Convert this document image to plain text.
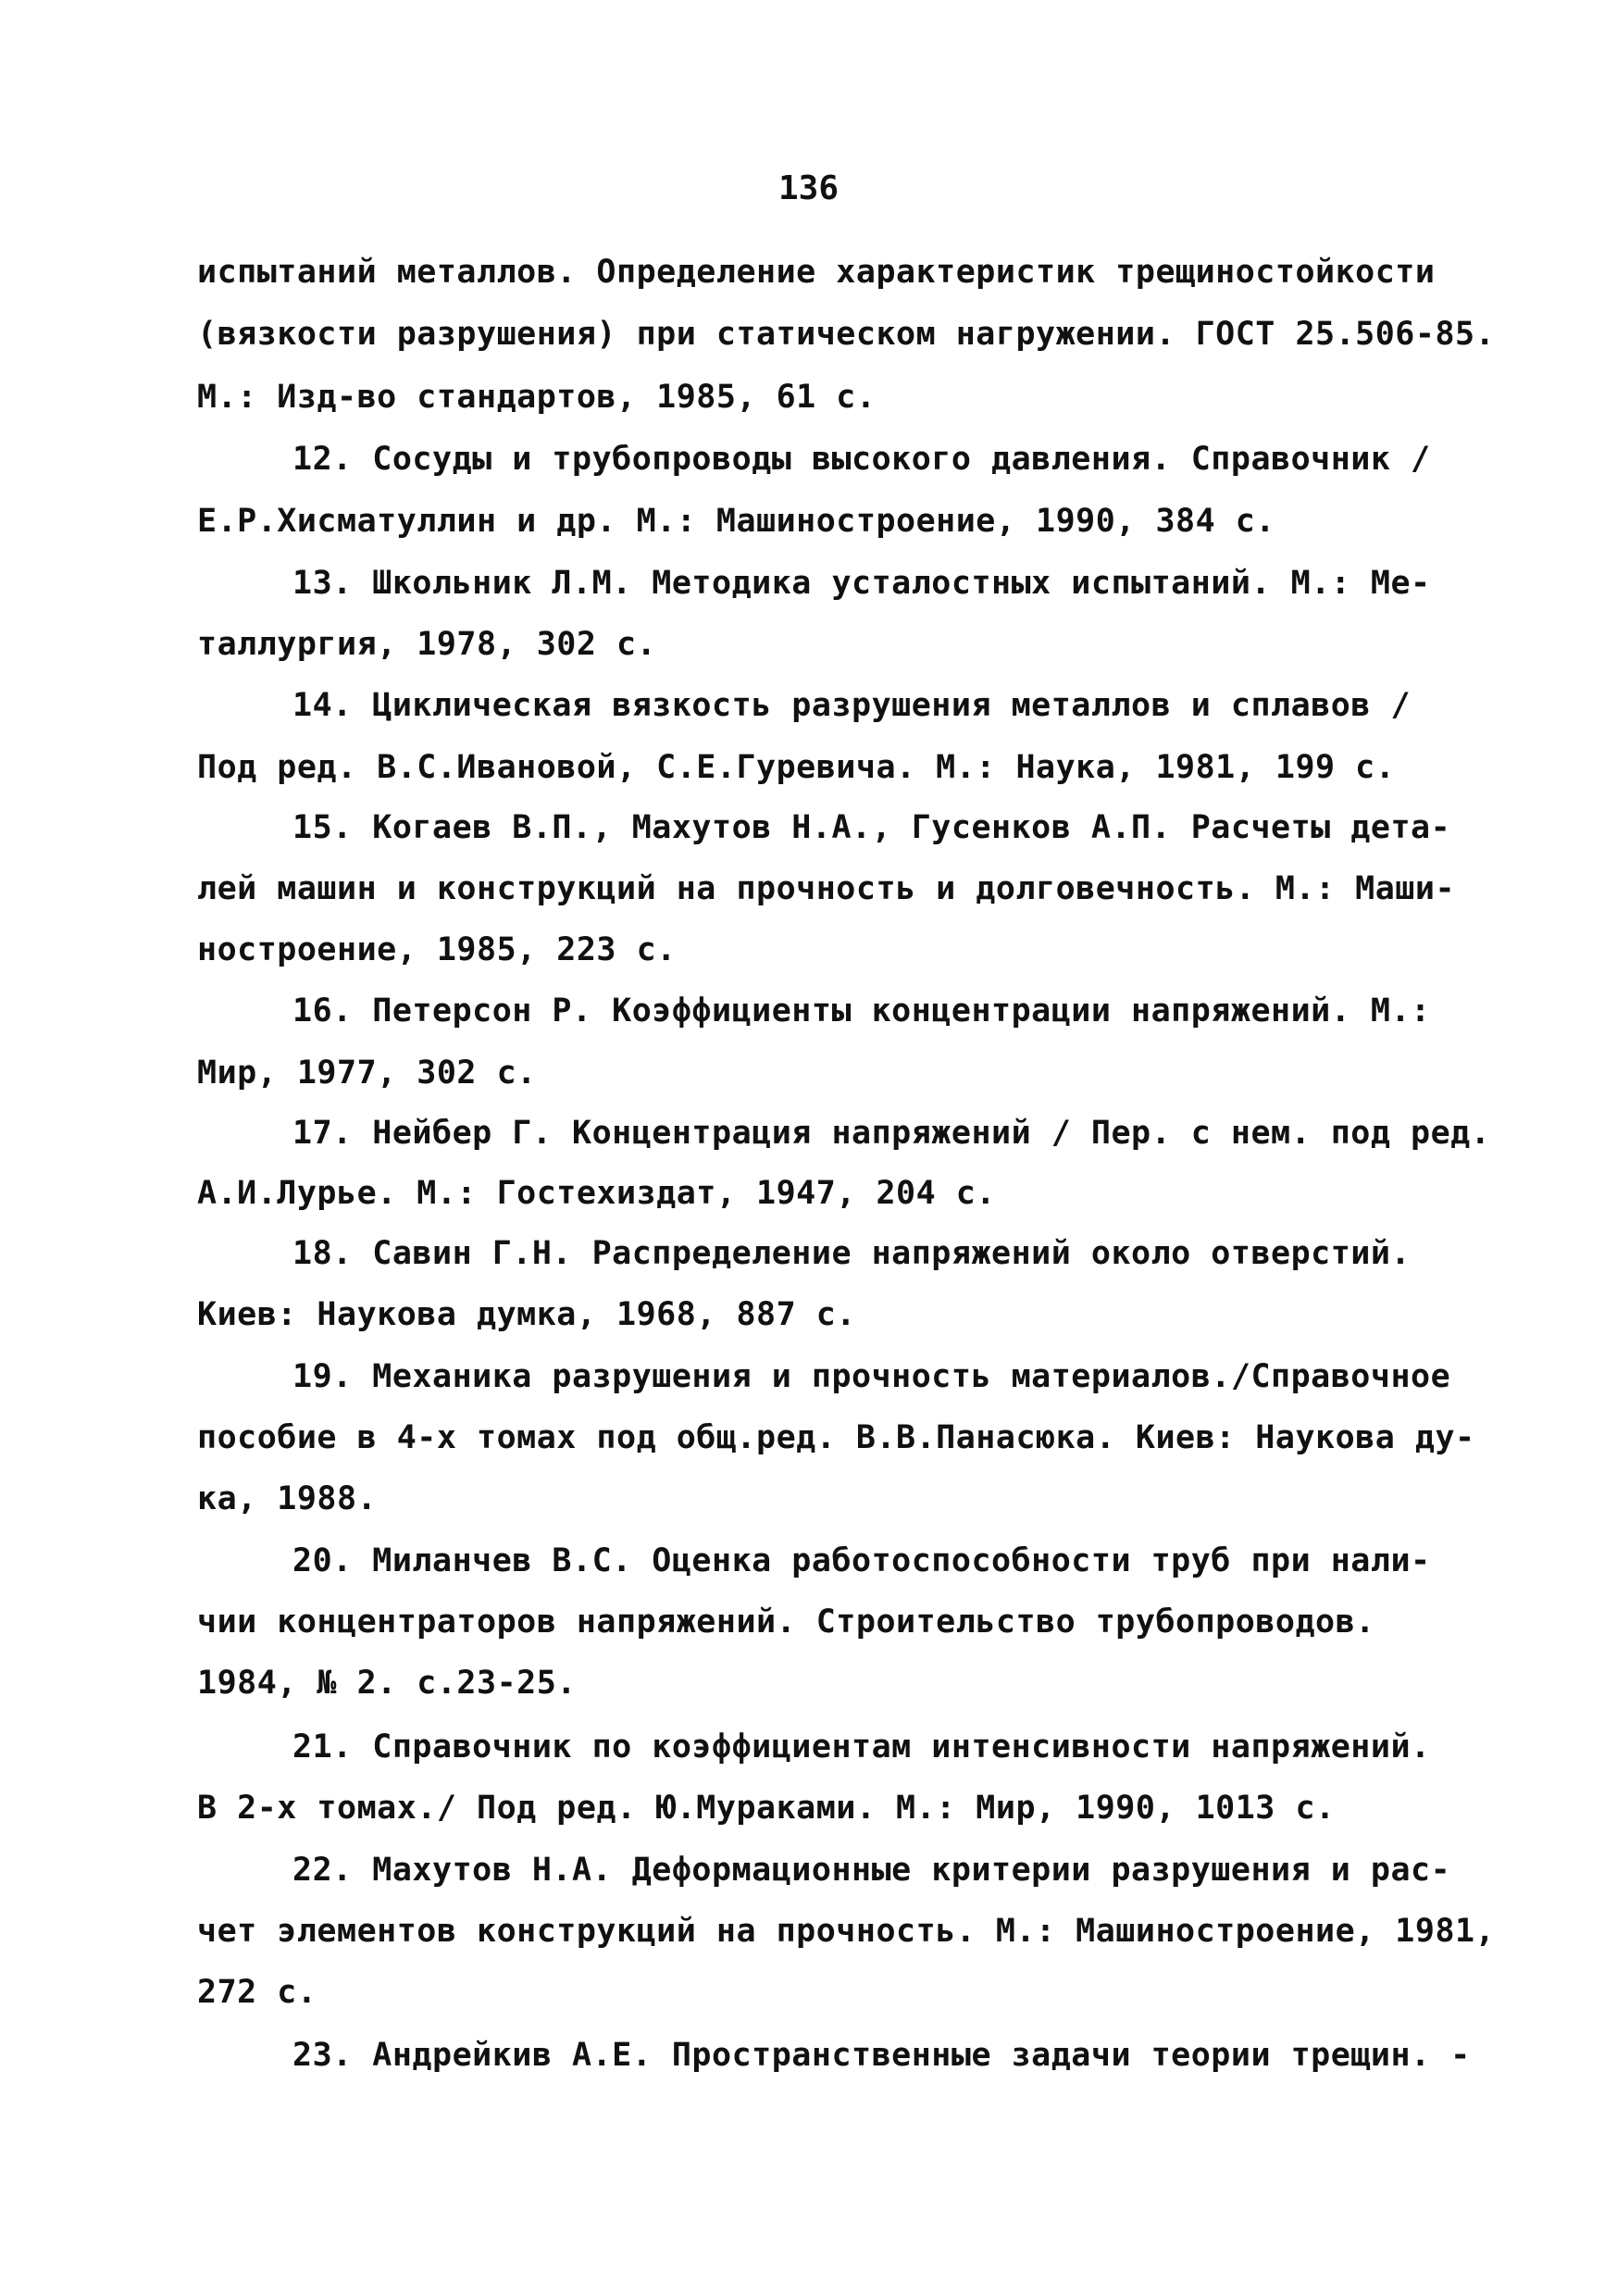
136
испытаний металлов. Определение характеристик трещиностойкости
(вязкости разрушения) при статическом нагружении. ГОСТ 25.506-85.
М.: Изд-во стандартов, 1985, 61 с.
12. Сосуды и трубопроводы высокого давления. Справочник /
Е.Р.Хисматуллин и др. М.: Машиностроение, 1990, 384 с.
13. Школьник Л.М. Методика усталостных испытаний. М.: Ме-
таллургия, 1978, 302 с.
14. Циклическая вязкость разрушения металлов и сплавов /
Под ред. В.С.Ивановой, С.Е.Гуревича. М.: Наука, 1981, 199 с.
15. Когаев В.П., Махутов Н.А., Гусенков А.П. Расчеты дета-
лей машин и конструкций на прочность и долговечность. М.: Маши-
ностроение, 1985, 223 с.
16. Петерсон Р. Коэффициенты концентрации напряжений. М.:
Мир, 1977, 302 с.
17. Нейбер Г. Концентрация напряжений / Пер. с нем. под ред.
А.И.Лурье. М.: Гостехиздат, 1947, 204 с.
18. Савин Г.Н. Распределение напряжений около отверстий.
Киев: Наукова думка, 1968, 887 с.
19. Механика разрушения и прочность материалов./Справочное
пособие в 4-х томах под общ.ред. В.В.Панасюка. Киев: Наукова ду-
ка, 1988.
20. Миланчев В.С. Оценка работоспособности труб при нали-
чии концентраторов напряжений. Строительство трубопроводов.
1984, № 2. с.23-25.
21. Справочник по коэффициентам интенсивности напряжений.
В 2-х томах./ Под ред. Ю.Мураками. М.: Мир, 1990, 1013 с.
22. Махутов Н.А. Деформационные критерии разрушения и рас-
чет элементов конструкций на прочность. М.: Машиностроение, 1981,
272 с.
23. Андрейкив А.Е. Пространственные задачи теории трещин. -
